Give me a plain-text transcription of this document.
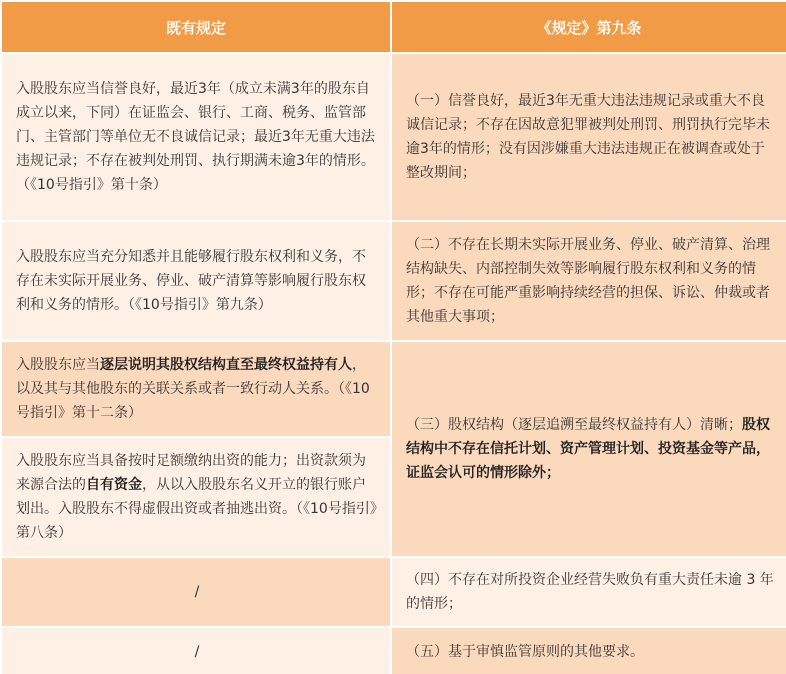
既有规定	《规定》第九条
入股股东应当信誉良好，最近3年（成立未满3年的股东自成立以来，下同）在证监会、银行、工商、税务、监管部门、主管部门等单位无不良诚信记录；最近3年无重大违法违规记录；不存在被判处刑罚、执行期满未逾3年的情形。（《10号指引》第十条）	（一）信誉良好，最近3年无重大违法违规记录或重大不良诚信记录；不存在因故意犯罪被判处刑罚、刑罚执行完毕未逾3年的情形；没有因涉嫌重大违法违规正在被调查或处于整改期间；
入股股东应当充分知悉并且能够履行股东权利和义务，不存在未实际开展业务、停业、破产清算等影响履行股东权利和义务的情形。（《10号指引》第九条）	（二）不存在长期未实际开展业务、停业、破产清算、治理结构缺失、内部控制失效等影响履行股东权利和义务的情形；不存在可能严重影响持续经营的担保、诉讼、仲裁或者其他重大事项；
入股股东应当逐层说明其股权结构直至最终权益持有人，以及其与其他股东的关联关系或者一致行动人关系。（《10号指引》第十二条）	（三）股权结构（逐层追溯至最终权益持有人）清晰；股权结构中不存在信托计划、资产管理计划、投资基金等产品，证监会认可的情形除外；
入股股东应当具备按时足额缴纳出资的能力；出资款须为来源合法的自有资金，从以入股股东名义开立的银行账户划出。入股股东不得虚假出资或者抽逃出资。（《10号指引》第八条）	
/	（四）不存在对所投资企业经营失败负有重大责任未逾 3 年的情形；
/	（五）基于审慎监管原则的其他要求。
